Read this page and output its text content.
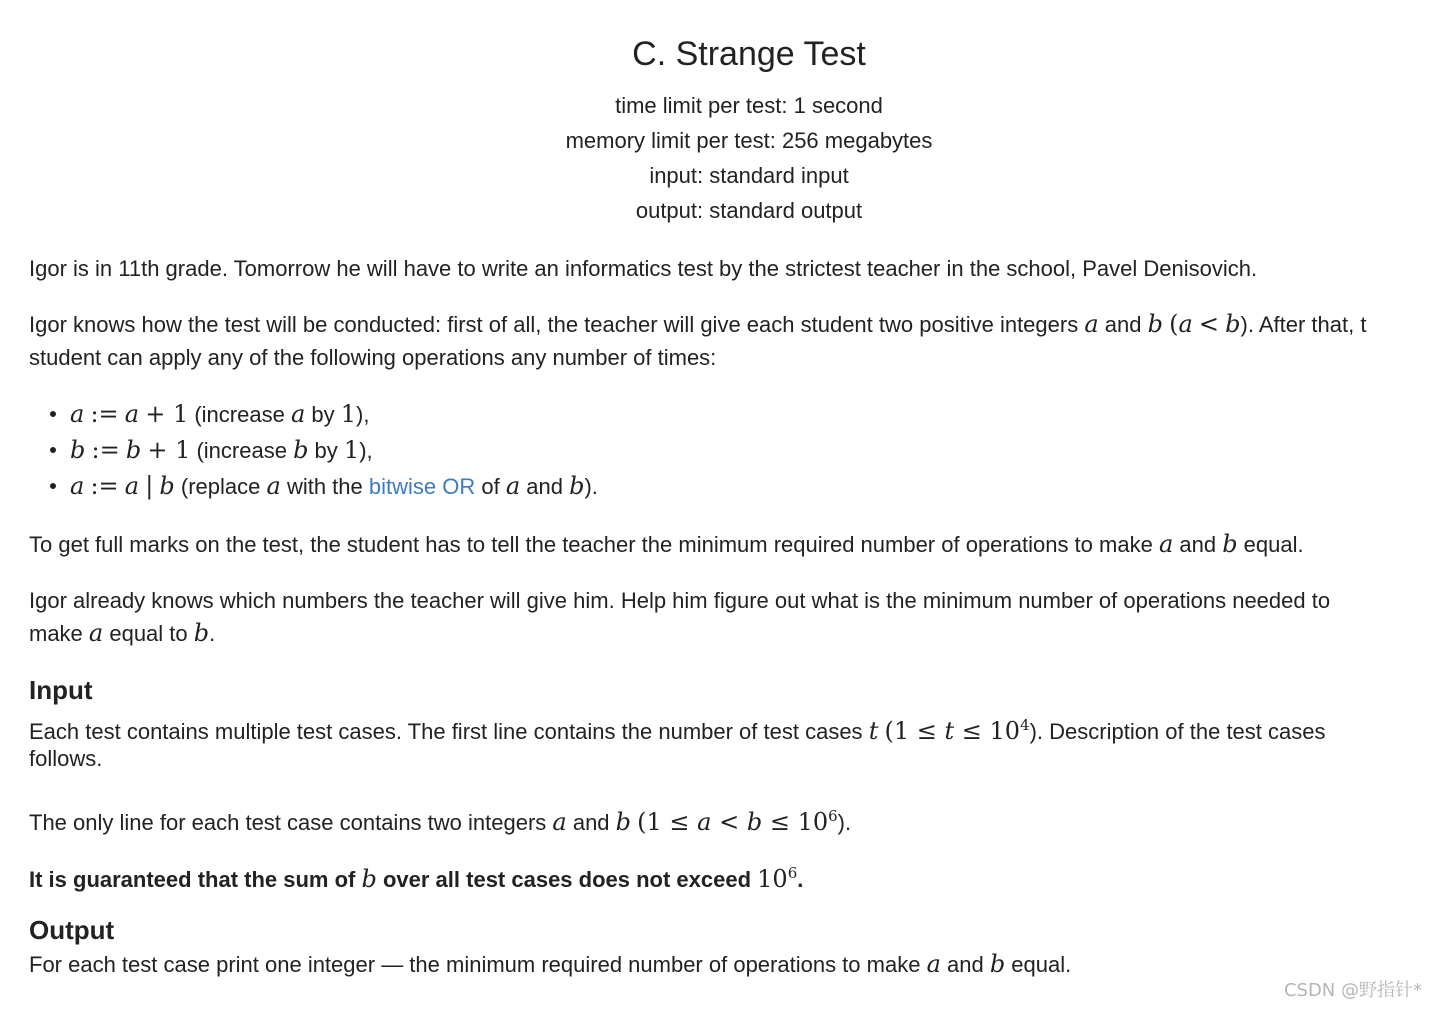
C. Strange Test
time limit per test: 1 second
memory limit per test: 256 megabytes
input: standard input
output: standard output
Igor is in 11th grade. Tomorrow he will have to write an informatics test by the strictest teacher in the school, Pavel Denisovich.
Igor knows how the test will be conducted: first of all, the teacher will give each student two positive integers a and b (a < b). After that, t
student can apply any of the following operations any number of times:
a := a + 1 (increase a by 1),
b := b + 1 (increase b by 1),
a := a | b (replace a with the bitwise OR of a and b).
To get full marks on the test, the student has to tell the teacher the minimum required number of operations to make a and b equal.
Igor already knows which numbers the teacher will give him. Help him figure out what is the minimum number of operations needed to
make a equal to b.
Input
Each test contains multiple test cases. The first line contains the number of test cases t $(1 \le t \le 10^4)$. Description of the test cases
follows.
The only line for each test case contains two integers a and b $(1 \le a < b \le 10^6)$.
It is guaranteed that the sum of b over all test cases does not exceed $10^6$.
Output
For each test case print one integer — the minimum required number of operations to make a and b equal.
CSDN @野指针*
